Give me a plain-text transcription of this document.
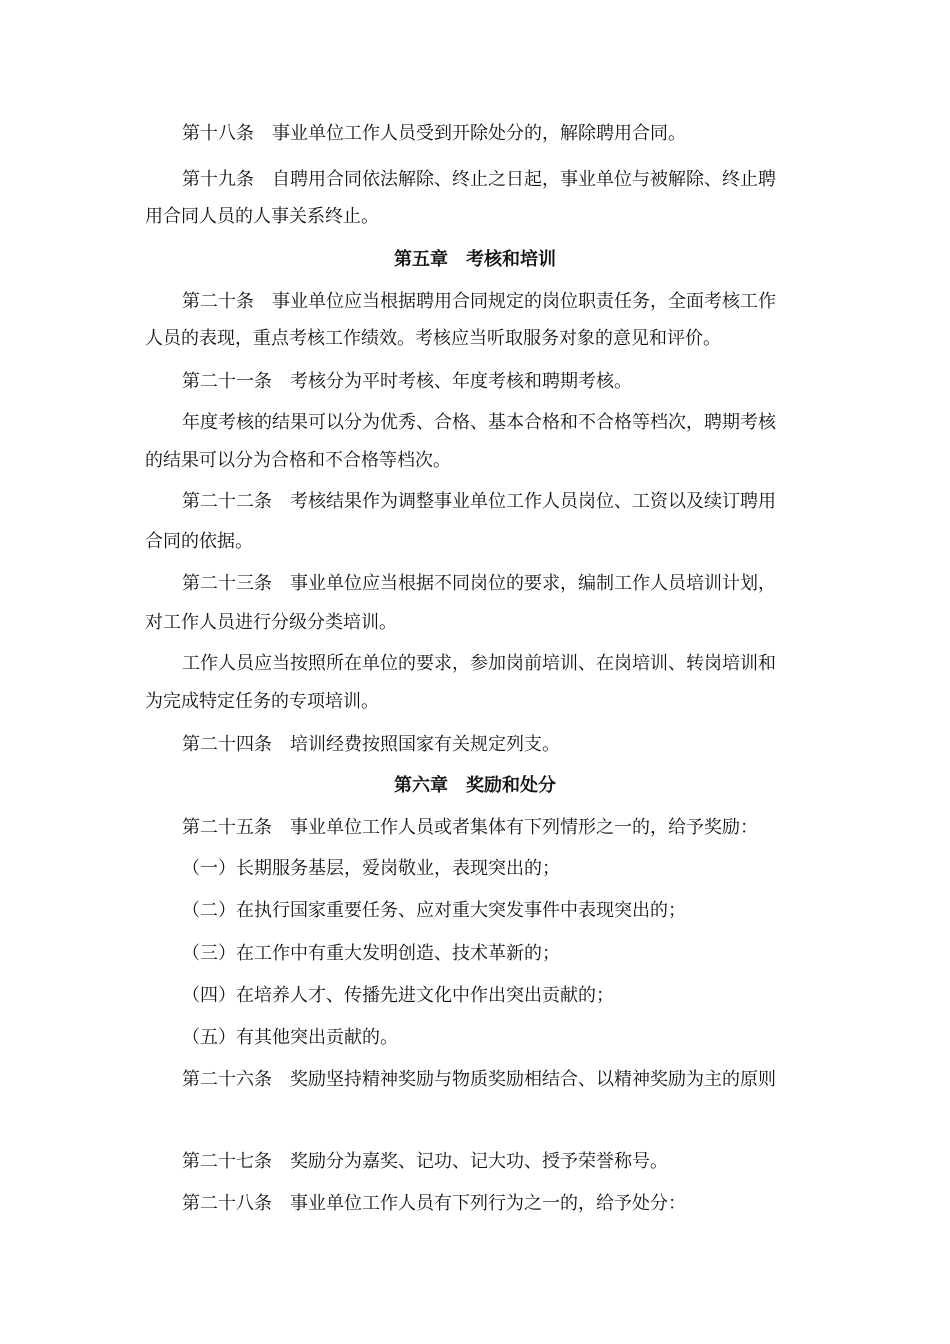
第十八条 事业单位工作人员受到开除处分的，解除聘用合同。
第十九条 自聘用合同依法解除、终止之日起，事业单位与被解除、终止聘
用合同人员的人事关系终止。
第五章 考核和培训
第二十条 事业单位应当根据聘用合同规定的岗位职责任务，全面考核工作
人员的表现，重点考核工作绩效。考核应当听取服务对象的意见和评价。
第二十一条 考核分为平时考核、年度考核和聘期考核。
年度考核的结果可以分为优秀、合格、基本合格和不合格等档次，聘期考核
的结果可以分为合格和不合格等档次。
第二十二条 考核结果作为调整事业单位工作人员岗位、工资以及续订聘用
合同的依据。
第二十三条 事业单位应当根据不同岗位的要求，编制工作人员培训计划，
对工作人员进行分级分类培训。
工作人员应当按照所在单位的要求，参加岗前培训、在岗培训、转岗培训和
为完成特定任务的专项培训。
第二十四条 培训经费按照国家有关规定列支。
第六章 奖励和处分
第二十五条 事业单位工作人员或者集体有下列情形之一的，给予奖励：
（一）长期服务基层，爱岗敬业，表现突出的；
（二）在执行国家重要任务、应对重大突发事件中表现突出的；
（三）在工作中有重大发明创造、技术革新的；
（四）在培养人才、传播先进文化中作出突出贡献的；
（五）有其他突出贡献的。
第二十六条 奖励坚持精神奖励与物质奖励相结合、以精神奖励为主的原则
第二十七条 奖励分为嘉奖、记功、记大功、授予荣誉称号。
第二十八条 事业单位工作人员有下列行为之一的，给予处分：
